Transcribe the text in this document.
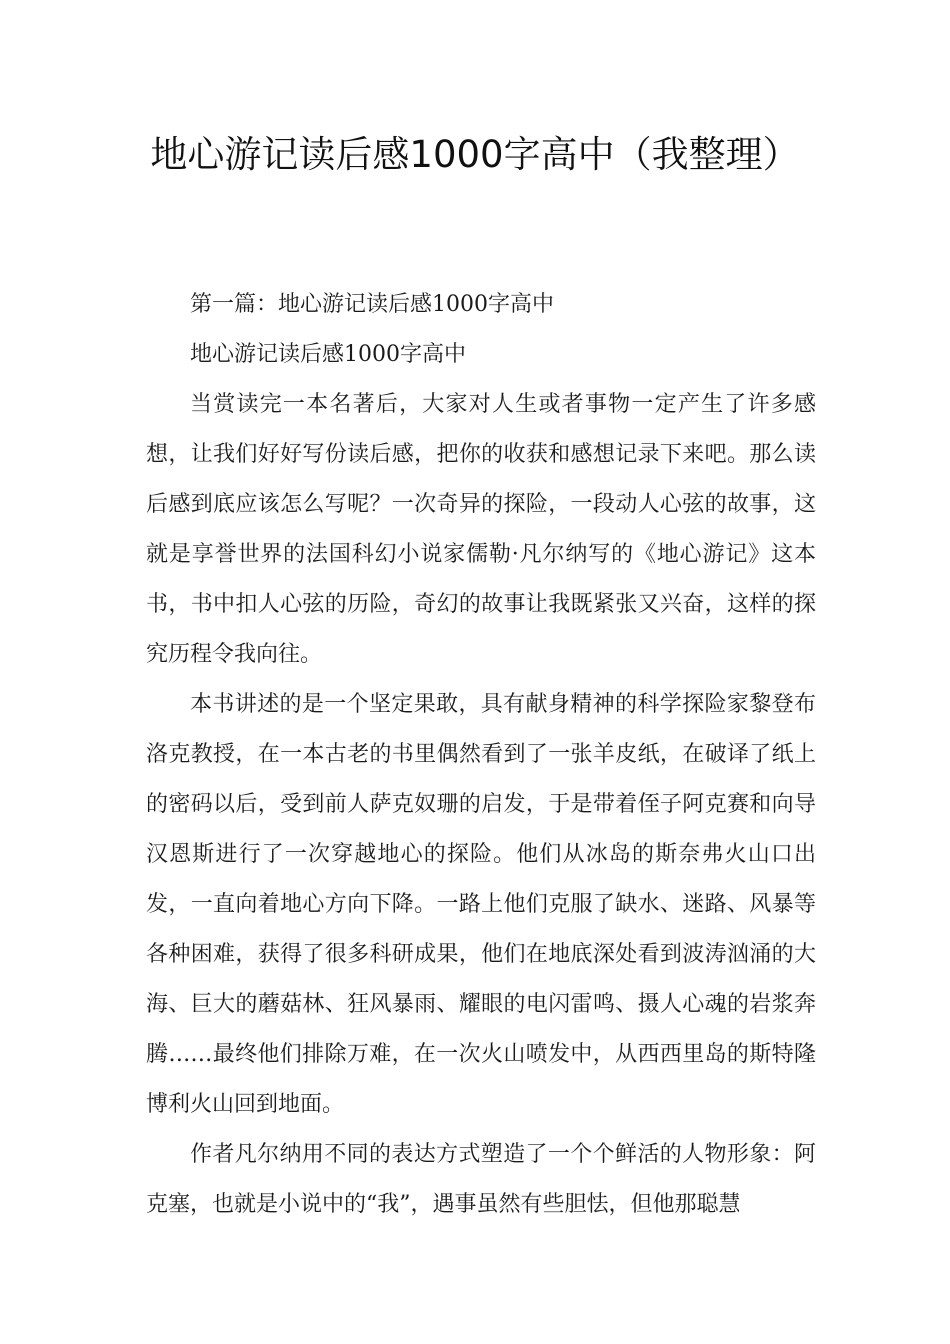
地心游记读后感1000字高中（我整理）

第一篇：地心游记读后感1000字高中

地心游记读后感1000字高中

当赏读完一本名著后，大家对人生或者事物一定产生了许多感想，让我们好好写份读后感，把你的收获和感想记录下来吧。那么读后感到底应该怎么写呢？一次奇异的探险，一段动人心弦的故事，这就是享誉世界的法国科幻小说家儒勒·凡尔纳写的《地心游记》这本书，书中扣人心弦的历险，奇幻的故事让我既紧张又兴奋，这样的探究历程令我向往。

本书讲述的是一个坚定果敢，具有献身精神的科学探险家黎登布洛克教授，在一本古老的书里偶然看到了一张羊皮纸，在破译了纸上的密码以后，受到前人萨克奴珊的启发，于是带着侄子阿克赛和向导汉恩斯进行了一次穿越地心的探险。他们从冰岛的斯奈弗火山口出发，一直向着地心方向下降。一路上他们克服了缺水、迷路、风暴等各种困难，获得了很多科研成果，他们在地底深处看到波涛汹涌的大海、巨大的蘑菇林、狂风暴雨、耀眼的电闪雷鸣、摄人心魂的岩浆奔腾……最终他们排除万难，在一次火山喷发中，从西西里岛的斯特隆博利火山回到地面。

作者凡尔纳用不同的表达方式塑造了一个个鲜活的人物形象：阿克塞，也就是小说中的“我”，遇事虽然有些胆怯，但他那聪慧
